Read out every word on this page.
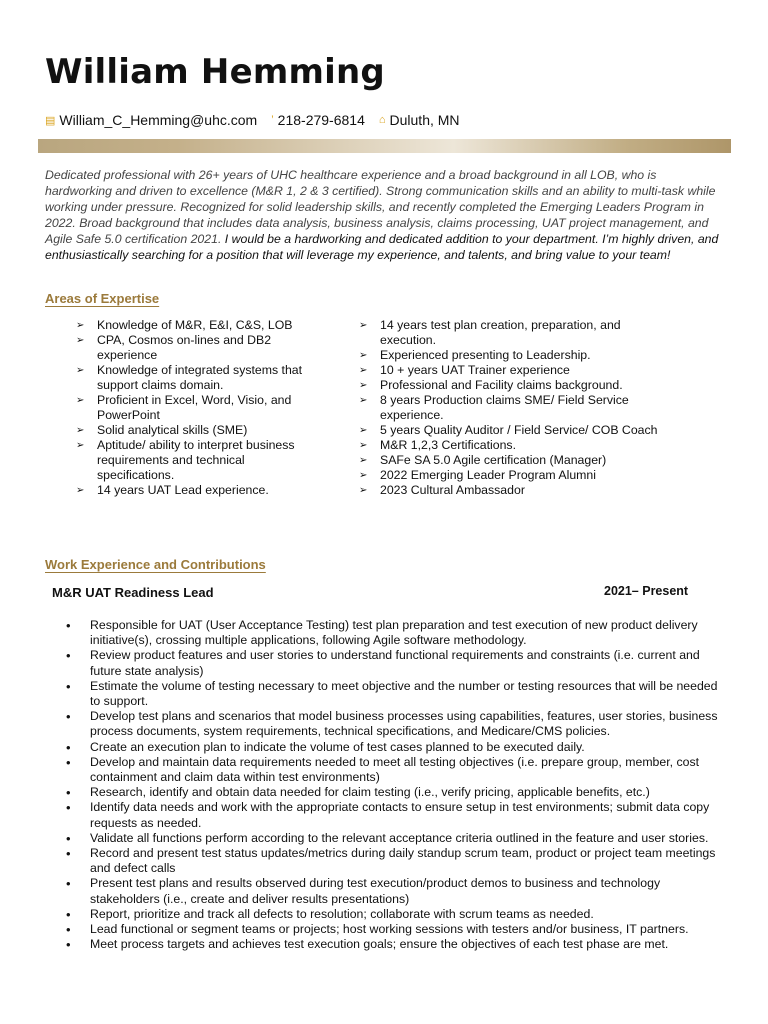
William Hemming
▤ William_C_Hemming@uhc.com ’ 218-279-6814 ⌂ Duluth, MN

Dedicated professional with 26+ years of UHC healthcare experience and a broad background in all LOB, who is hardworking and driven to excellence (M&R 1, 2 & 3 certified). Strong communication skills and an ability to multi-task while working under pressure. Recognized for solid leadership skills, and recently completed the Emerging Leaders Program in 2022. Broad background that includes data analysis, business analysis, claims processing, UAT project management, and Agile Safe 5.0 certification 2021. I would be a hardworking and dedicated addition to your department. I’m highly driven, and enthusiastically searching for a position that will leverage my experience, and talents, and bring value to your team!

Areas of Expertise
➢ Knowledge of M&R, E&I, C&S, LOB
➢ CPA, Cosmos on-lines and DB2 experience
➢ Knowledge of integrated systems that support claims domain.
➢ Proficient in Excel, Word, Visio, and PowerPoint
➢ Solid analytical skills (SME)
➢ Aptitude/ ability to interpret business requirements and technical specifications.
➢ 14 years UAT Lead experience.
➢ 14 years test plan creation, preparation, and execution.
➢ Experienced presenting to Leadership.
➢ 10 + years UAT Trainer experience
➢ Professional and Facility claims background.
➢ 8 years Production claims SME/ Field Service experience.
➢ 5 years Quality Auditor / Field Service/ COB Coach
➢ M&R 1,2,3 Certifications.
➢ SAFe SA 5.0 Agile certification (Manager)
➢ 2022 Emerging Leader Program Alumni
➢ 2023 Cultural Ambassador
Work Experience and Contributions
M&R UAT Readiness Lead	2021– Present
• Responsible for UAT (User Acceptance Testing) test plan preparation and test execution of new product delivery initiative(s), crossing multiple applications, following Agile software methodology.
• Review product features and user stories to understand functional requirements and constraints (i.e. current and future state analysis)
• Estimate the volume of testing necessary to meet objective and the number or testing resources that will be needed to support.
• Develop test plans and scenarios that model business processes using capabilities, features, user stories, business process documents, system requirements, technical specifications, and Medicare/CMS policies.
• Create an execution plan to indicate the volume of test cases planned to be executed daily.
• Develop and maintain data requirements needed to meet all testing objectives (i.e. prepare group, member, cost containment and claim data within test environments)
• Research, identify and obtain data needed for claim testing (i.e., verify pricing, applicable benefits, etc.)
• Identify data needs and work with the appropriate contacts to ensure setup in test environments; submit data copy requests as needed.
• Validate all functions perform according to the relevant acceptance criteria outlined in the feature and user stories.
• Record and present test status updates/metrics during daily standup scrum team, product or project team meetings and defect calls
• Present test plans and results observed during test execution/product demos to business and technology stakeholders (i.e., create and deliver results presentations)
• Report, prioritize and track all defects to resolution; collaborate with scrum teams as needed.
• Lead functional or segment teams or projects; host working sessions with testers and/or business, IT partners.
• Meet process targets and achieves test execution goals; ensure the objectives of each test phase are met.
